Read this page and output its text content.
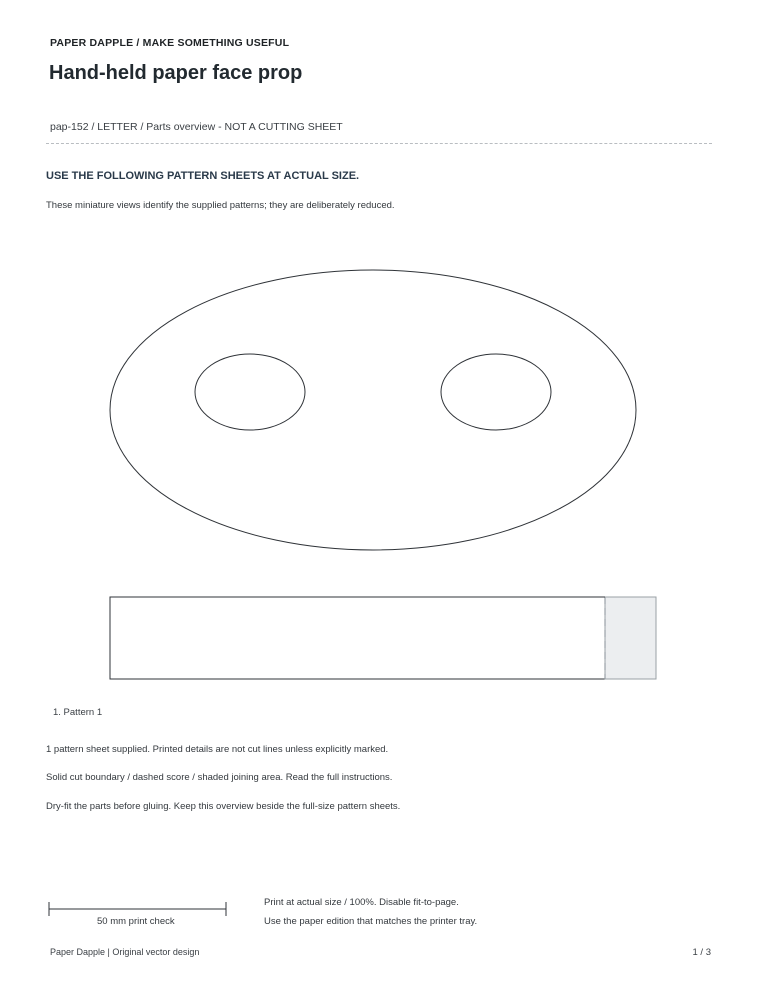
PAPER DAPPLE / MAKE SOMETHING USEFUL
Hand-held paper face prop
pap-152 / LETTER / Parts overview - NOT A CUTTING SHEET
USE THE FOLLOWING PATTERN SHEETS AT ACTUAL SIZE.
These miniature views identify the supplied patterns; they are deliberately reduced.
1. Pattern 1
1 pattern sheet supplied. Printed details are not cut lines unless explicitly marked.
Solid cut boundary / dashed score / shaded joining area. Read the full instructions.
Dry-fit the parts before gluing. Keep this overview beside the full-size pattern sheets.
50 mm print check
Print at actual size / 100%. Disable fit-to-page.
Use the paper edition that matches the printer tray.
Paper Dapple | Original vector design	1 / 3
